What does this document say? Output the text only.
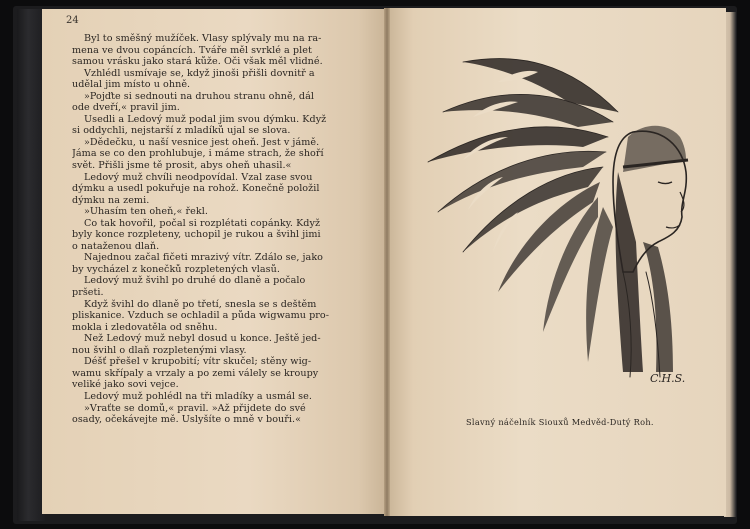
24

Byl to směšný mužíček. Vlasy splývaly mu na ra-

mena ve dvou copáncích. Tváře měl svrklé a plet

samou vrásku jako stará kůže. Oči však měl vlidné.

Vzhlédl usmívaje se, když jinoši přišli dovnitř a

udělal jim místo u ohně.

»Pojďte si sednouti na druhou stranu ohně, dál

ode dveří,« pravil jim.

Usedli a Ledový muž podal jim svou dýmku. Když

si oddychli, nejstarší z mladíků ujal se slova.

»Dědečku, u naší vesnice jest oheň. Jest v jámě.

Jáma se co den prohlubuje, i máme strach, že shoří

svět. Přišli jsme tě prosit, abys oheň uhasil.«

Ledový muž chvíli neodpovídal. Vzal zase svou

dýmku a usedl pokuřuje na rohož. Konečně položil

dýmku na zemi.

»Uhasím ten oheň,« řekl.

Co tak hovořil, počal si rozplétati copánky. Když

byly konce rozpleteny, uchopil je rukou a švihl jimi

o nataženou dlaň.

Najednou začal fičeti mrazivý vítr. Zdálo se, jako

by vycházel z konečků rozpletených vlasů.

Ledový muž švihl po druhé do dlaně a počalo

pršeti.

Když švihl do dlaně po třetí, snesla se s deštěm

pliskanice. Vzduch se ochladil a půda wigwamu pro-

mokla i zledovatěla od sněhu.

Než Ledový muž nebyl dosud u konce. Ještě jed-

nou švihl o dlaň rozpletenými vlasy.

Déšť přešel v krupobití; vítr skučel; stěny wig-

wamu skřípaly a vrzaly a po zemi válely se kroupy

veliké jako sovi vejce.

Ledový muž pohlédl na tři mladíky a usmál se.

»Vraťte se domů,« pravil. »Až přijdete do své

osady, očekávejte mě. Uslyšíte o mně v bouři.«

C.H.S.
Slavný náčelník Siouxů Medvěd-Dutý Roh.
